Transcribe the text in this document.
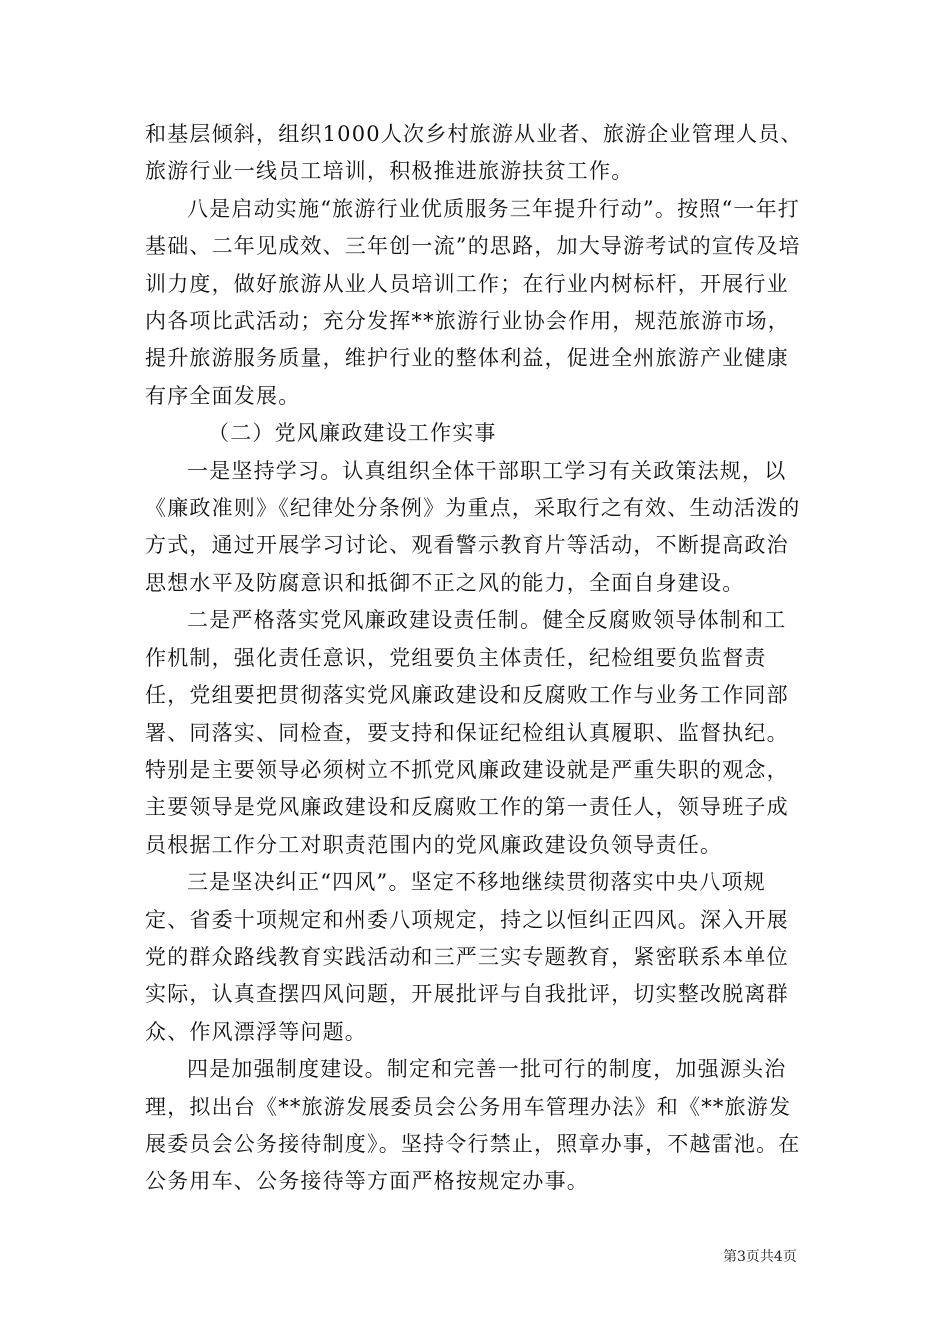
和基层倾斜，组织1000人次乡村旅游从业者、旅游企业管理人员、旅游行业一线员工培训，积极推进旅游扶贫工作。

八是启动实施“旅游行业优质服务三年提升行动”。按照“一年打基础、二年见成效、三年创一流”的思路，加大导游考试的宣传及培训力度，做好旅游从业人员培训工作；在行业内树标杆，开展行业内各项比武活动；充分发挥**旅游行业协会作用，规范旅游市场，提升旅游服务质量，维护行业的整体利益，促进全州旅游产业健康有序全面发展。

（二）党风廉政建设工作实事

一是坚持学习。认真组织全体干部职工学习有关政策法规，以《廉政准则》《纪律处分条例》为重点，采取行之有效、生动活泼的方式，通过开展学习讨论、观看警示教育片等活动，不断提高政治思想水平及防腐意识和抵御不正之风的能力，全面自身建设。

二是严格落实党风廉政建设责任制。健全反腐败领导体制和工作机制，强化责任意识，党组要负主体责任，纪检组要负监督责任，党组要把贯彻落实党风廉政建设和反腐败工作与业务工作同部署、同落实、同检查，要支持和保证纪检组认真履职、监督执纪。特别是主要领导必须树立不抓党风廉政建设就是严重失职的观念，主要领导是党风廉政建设和反腐败工作的第一责任人，领导班子成员根据工作分工对职责范围内的党风廉政建设负领导责任。

三是坚决纠正“四风”。坚定不移地继续贯彻落实中央八项规定、省委十项规定和州委八项规定，持之以恒纠正四风。深入开展党的群众路线教育实践活动和三严三实专题教育，紧密联系本单位实际，认真查摆四风问题，开展批评与自我批评，切实整改脱离群众、作风漂浮等问题。

四是加强制度建设。制定和完善一批可行的制度，加强源头治理，拟出台《**旅游发展委员会公务用车管理办法》和《**旅游发展委员会公务接待制度》。坚持令行禁止，照章办事，不越雷池。在公务用车、公务接待等方面严格按规定办事。

第3页共4页
